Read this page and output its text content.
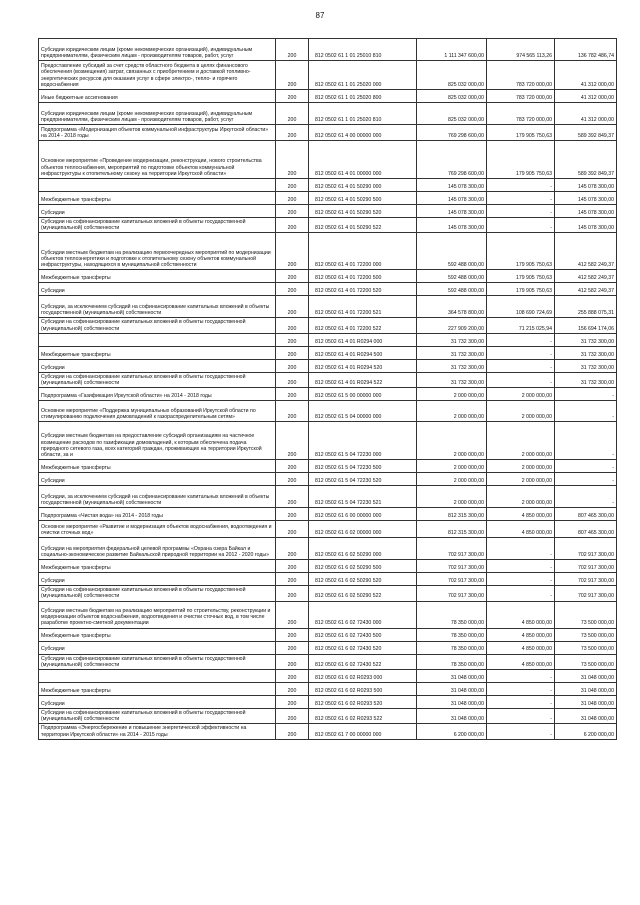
87
Субсидии юридическим лицам (кроме некоммерческих организаций), индивидуальным предпринимателям, физическим лицам - производителям товаров, работ, услуг	200	812 0502 61 1 01 25010 810	1 111 347 600,00	974 565 113,26	136 782 486,74
Предоставление субсидий за счет средств областного бюджета в целях финансового обеспечения (возмещения) затрат, связанных с приобретением и доставкой топливно-энергетических ресурсов для оказания услуг в сфере электро-, тепло- и горячего водоснабжения	200	812 0502 61 1 01 25020 000	825 032 000,00	783 720 000,00	41 312 000,00
Иные бюджетные ассигнования	200	812 0502 61 1 01 25020 800	825 032 000,00	783 720 000,00	41 312 000,00
Субсидии юридическим лицам (кроме некоммерческих организаций), индивидуальным предпринимателям, физическим лицам - производителям товаров, работ, услуг	200	812 0502 61 1 01 25020 810	825 032 000,00	783 720 000,00	41 312 000,00
Подпрограмма «Модернизация объектов коммунальной инфраструктуры Иркутской области» на 2014 - 2018 годы	200	812 0502 61 4 00 00000 000	769 298 600,00	179 905 750,63	589 392 849,37
Основное мероприятие «Проведение модернизации, реконструкции, нового строительства объектов теплоснабжения, мероприятий по подготовке объектов коммунальной инфраструктуры к отопительному сезону на территории Иркутской области»	200	812 0502 61 4 01 00000 000	769 298 600,00	179 905 750,63	589 392 849,37
	200	812 0502 61 4 01 50290 000	145 078 300,00	-	145 078 300,00
Межбюджетные трансферты	200	812 0502 61 4 01 50290 500	145 078 300,00	-	145 078 300,00
Субсидии	200	812 0502 61 4 01 50290 520	145 078 300,00	-	145 078 300,00
Субсидии на софинансирование капитальных вложений в объекты государственной (муниципальной) собственности	200	812 0502 61 4 01 50290 522	145 078 300,00	-	145 078 300,00
Субсидии местным бюджетам на реализацию первоочередных мероприятий по модернизации объектов теплоэнергетики и подготовке к отопительному сезону объектов коммунальной инфраструктуры, находящихся в муниципальной собственности	200	812 0502 61 4 01 72200 000	592 488 000,00	179 905 750,63	412 582 249,37
Межбюджетные трансферты	200	812 0502 61 4 01 72200 500	592 488 000,00	179 905 750,63	412 582 249,37
Субсидии	200	812 0502 61 4 01 72200 520	592 488 000,00	179 905 750,63	412 582 249,37
Субсидии, за исключением субсидий на софинансирование капитальных вложений в объекты государственной (муниципальной) собственности	200	812 0502 61 4 01 72200 521	364 578 800,00	108 690 724,69	255 888 075,31
Субсидии на софинансирование капитальных вложений в объекты государственной (муниципальной) собственности	200	812 0502 61 4 01 72200 522	227 909 200,00	71 215 025,94	156 694 174,06
	200	812 0502 61 4 01 R0294 000	31 732 300,00	-	31 732 300,00
Межбюджетные трансферты	200	812 0502 61 4 01 R0294 500	31 732 300,00	-	31 732 300,00
Субсидии	200	812 0502 61 4 01 R0294 520	31 732 300,00	-	31 732 300,00
Субсидии на софинансирование капитальных вложений в объекты государственной (муниципальной) собственности	200	812 0502 61 4 01 R0294 522	31 732 300,00	-	31 732 300,00
Подпрограмма «Газификация Иркутской области» на 2014 - 2018 годы	200	812 0502 61 5 00 00000 000	2 000 000,00	2 000 000,00	-
Основное мероприятие «Поддержка муниципальных образований Иркутской области по стимулированию подключения домовладений к газораспределительным сетям»	200	812 0502 61 5 04 00000 000	2 000 000,00	2 000 000,00	-
Субсидии местным бюджетам на предоставление субсидий организациям на частичное возмещение расходов по газификации домовладений, к которым обеспечена подача природного сетевого газа, всех категорий граждан, проживающих на территории Иркутской области, за и	200	812 0502 61 5 04 72230 000	2 000 000,00	2 000 000,00	-
Межбюджетные трансферты	200	812 0502 61 5 04 72230 500	2 000 000,00	2 000 000,00	-
Субсидии	200	812 0502 61 5 04 72230 520	2 000 000,00	2 000 000,00	-
Субсидии, за исключением субсидий на софинансирование капитальных вложений в объекты государственной (муниципальной) собственности	200	812 0502 61 5 04 72230 521	2 000 000,00	2 000 000,00	-
Подпрограмма «Чистая вода» на 2014 - 2018 годы	200	812 0502 61 6 00 00000 000	812 315 300,00	4 850 000,00	807 465 300,00
Основное мероприятие «Развитие и модернизация объектов водоснабжения, водоотведения и очистки сточных вод»	200	812 0502 61 6 02 00000 000	812 315 300,00	4 850 000,00	807 465 300,00
Субсидии на мероприятия федеральной целевой программы «Охрана озера Байкал и социально-экономическое развитие Байкальской природной территории на 2012 - 2020 годы»	200	812 0502 61 6 02 50290 000	702 917 300,00	-	702 917 300,00
Межбюджетные трансферты	200	812 0502 61 6 02 50290 500	702 917 300,00	-	702 917 300,00
Субсидии	200	812 0502 61 6 02 50290 520	702 917 300,00	-	702 917 300,00
Субсидии на софинансирование капитальных вложений в объекты государственной (муниципальной) собственности	200	812 0502 61 6 02 50290 522	702 917 300,00	-	702 917 300,00
Субсидии местным бюджетам на реализацию мероприятий по строительству, реконструкции и модернизации объектов водоснабжения, водоотведения и очистки сточных вод, в том числе разработке проектно-сметной документации	200	812 0502 61 6 02 72430 000	78 350 000,00	4 850 000,00	73 500 000,00
Межбюджетные трансферты	200	812 0502 61 6 02 72430 500	78 350 000,00	4 850 000,00	73 500 000,00
Субсидии	200	812 0502 61 6 02 72430 520	78 350 000,00	4 850 000,00	73 500 000,00
Субсидии на софинансирование капитальных вложений в объекты государственной (муниципальной) собственности	200	812 0502 61 6 02 72430 522	78 350 000,00	4 850 000,00	73 500 000,00
	200	812 0502 61 6 02 R0293 000	31 048 000,00	-	31 048 000,00
Межбюджетные трансферты	200	812 0502 61 6 02 R0293 500	31 048 000,00	-	31 048 000,00
Субсидии	200	812 0502 61 6 02 R0293 520	31 048 000,00	-	31 048 000,00
Субсидии на софинансирование капитальных вложений в объекты государственной (муниципальной) собственности	200	812 0502 61 6 02 R0293 522	31 048 000,00	-	31 048 000,00
Подпрограмма «Энергосбережение и повышение энергетической эффективности на территории Иркутской области» на 2014 - 2015 годы	200	812 0502 61 7 00 00000 000	6 200 000,00	-	6 200 000,00
